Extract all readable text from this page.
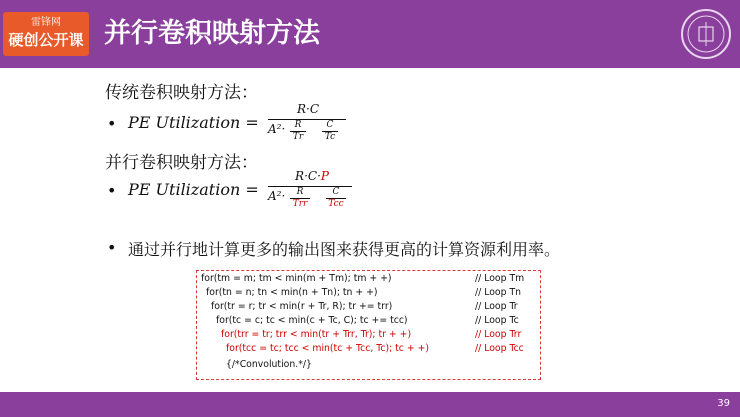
雷锋网
硬创公开课 并行卷积映射方法
传统卷积映射方法：
• PE Utilization =
R·C
A²·	R
Tr
C
Tc
并行卷积映射方法：
• PE Utilization =
R·C·P
A²·	R
Trr
C
Tcc
• 通过并行地计算更多的输出图来获得更高的计算资源利用率。
for(tm = m; tm < min(m + Tm); tm + +)	// Loop Tm
for(tn = n; tn < min(n + Tn); tn + +)	// Loop Tn
for(tr = r; tr < min(r + Tr, R); tr += trr)	// Loop Tr
for(tc = c; tc < min(c + Tc, C); tc += tcc)	// Loop Tc
for(trr = tr; trr < min(tr + Trr, Tr); tr + +)	// Loop Trr
for(tcc = tc; tcc < min(tc + Tcc, Tc); tc + +)	// Loop Tcc
{/*Convolution.*/}
39
